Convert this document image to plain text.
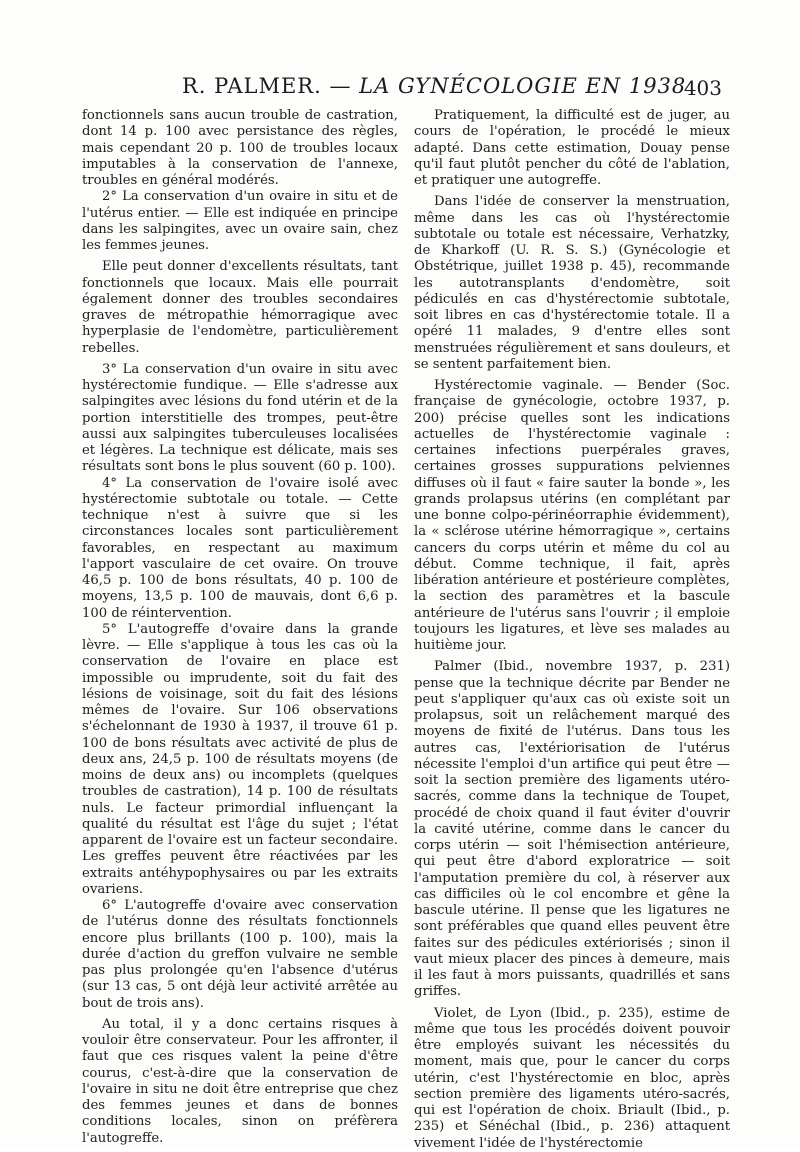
R. PALMER. — LA GYNÉCOLOGIE EN 1938
403

fonctionnels sans aucun trouble de castration, dont 14 p. 100 avec persistance des règles, mais cependant 20 p. 100 de troubles locaux imputables à la conservation de l'annexe, troubles en général modérés.

2° La conservation d'un ovaire in situ et de l'utérus entier. — Elle est indiquée en principe dans les salpingites, avec un ovaire sain, chez les femmes jeunes.

Elle peut donner d'excellents résultats, tant fonctionnels que locaux. Mais elle pourrait également donner des troubles secondaires graves de métropathie hémorragique avec hyperplasie de l'endomètre, particulièrement rebelles.

3° La conservation d'un ovaire in situ avec hystérectomie fundique. — Elle s'adresse aux salpingites avec lésions du fond utérin et de la portion interstitielle des trompes, peut-être aussi aux salpingites tuberculeuses localisées et légères. La technique est délicate, mais ses résultats sont bons le plus souvent (60 p. 100).

4° La conservation de l'ovaire isolé avec hystérectomie subtotale ou totale. — Cette technique n'est à suivre que si les circonstances locales sont particulièrement favorables, en respectant au maximum l'apport vasculaire de cet ovaire. On trouve 46,5 p. 100 de bons résultats, 40 p. 100 de moyens, 13,5 p. 100 de mauvais, dont 6,6 p. 100 de réintervention.

5° L'autogreffe d'ovaire dans la grande lèvre. — Elle s'applique à tous les cas où la conservation de l'ovaire en place est impossible ou imprudente, soit du fait des lésions de voisinage, soit du fait des lésions mêmes de l'ovaire. Sur 106 observations s'échelonnant de 1930 à 1937, il trouve 61 p. 100 de bons résultats avec activité de plus de deux ans, 24,5 p. 100 de résultats moyens (de moins de deux ans) ou incomplets (quelques troubles de castration), 14 p. 100 de résultats nuls. Le facteur primordial influençant la qualité du résultat est l'âge du sujet ; l'état apparent de l'ovaire est un facteur secondaire. Les greffes peuvent être réactivées par les extraits antéhypophysaires ou par les extraits ovariens.

6° L'autogreffe d'ovaire avec conservation de l'utérus donne des résultats fonctionnels encore plus brillants (100 p. 100), mais la durée d'action du greffon vulvaire ne semble pas plus prolongée qu'en l'absence d'utérus (sur 13 cas, 5 ont déjà leur activité arrêtée au bout de trois ans).

Au total, il y a donc certains risques à vouloir être conservateur. Pour les affronter, il faut que ces risques valent la peine d'être courus, c'est-à-dire que la conservation de l'ovaire in situ ne doit être entreprise que chez des femmes jeunes et dans de bonnes conditions locales, sinon on préfèrera l'autogreffe.

Pratiquement, la difficulté est de juger, au cours de l'opération, le procédé le mieux adapté. Dans cette estimation, Douay pense qu'il faut plutôt pencher du côté de l'ablation, et pratiquer une autogreffe.

Dans l'idée de conserver la menstruation, même dans les cas où l'hystérectomie subtotale ou totale est nécessaire, Verhatzky, de Kharkoff (U. R. S. S.) (Gynécologie et Obstétrique, juillet 1938 p. 45), recommande les autotransplants d'endomètre, soit pédiculés en cas d'hystérectomie subtotale, soit libres en cas d'hystérectomie totale. Il a opéré 11 malades, 9 d'entre elles sont menstruées régulièrement et sans douleurs, et se sentent parfaitement bien.

Hystérectomie vaginale. — Bender (Soc. française de gynécologie, octobre 1937, p. 200) précise quelles sont les indications actuelles de l'hystérectomie vaginale : certaines infections puerpérales graves, certaines grosses suppurations pelviennes diffuses où il faut « faire sauter la bonde », les grands prolapsus utérins (en complétant par une bonne colpo-périnéorraphie évidemment), la « sclérose utérine hémorragique », certains cancers du corps utérin et même du col au début. Comme technique, il fait, après libération antérieure et postérieure complètes, la section des paramètres et la bascule antérieure de l'utérus sans l'ouvrir ; il emploie toujours les ligatures, et lève ses malades au huitième jour.

Palmer (Ibid., novembre 1937, p. 231) pense que la technique décrite par Bender ne peut s'appliquer qu'aux cas où existe soit un prolapsus, soit un relâchement marqué des moyens de fixité de l'utérus. Dans tous les autres cas, l'extériorisation de l'utérus nécessite l'emploi d'un artifice qui peut être — soit la section première des ligaments utéro-sacrés, comme dans la technique de Toupet, procédé de choix quand il faut éviter d'ouvrir la cavité utérine, comme dans le cancer du corps utérin — soit l'hémisection antérieure, qui peut être d'abord exploratrice — soit l'amputation première du col, à réserver aux cas difficiles où le col encombre et gêne la bascule utérine. Il pense que les ligatures ne sont préférables que quand elles peuvent être faites sur des pédicules extériorisés ; sinon il vaut mieux placer des pinces à demeure, mais il les faut à mors puissants, quadrillés et sans griffes.

Violet, de Lyon (Ibid., p. 235), estime de même que tous les procédés doivent pouvoir être employés suivant les nécessités du moment, mais que, pour le cancer du corps utérin, c'est l'hystérectomie en bloc, après section première des ligaments utéro-sacrés, qui est l'opération de choix. Briault (Ibid., p. 235) et Sénéchal (Ibid., p. 236) attaquent vivement l'idée de l'hystérectomie
